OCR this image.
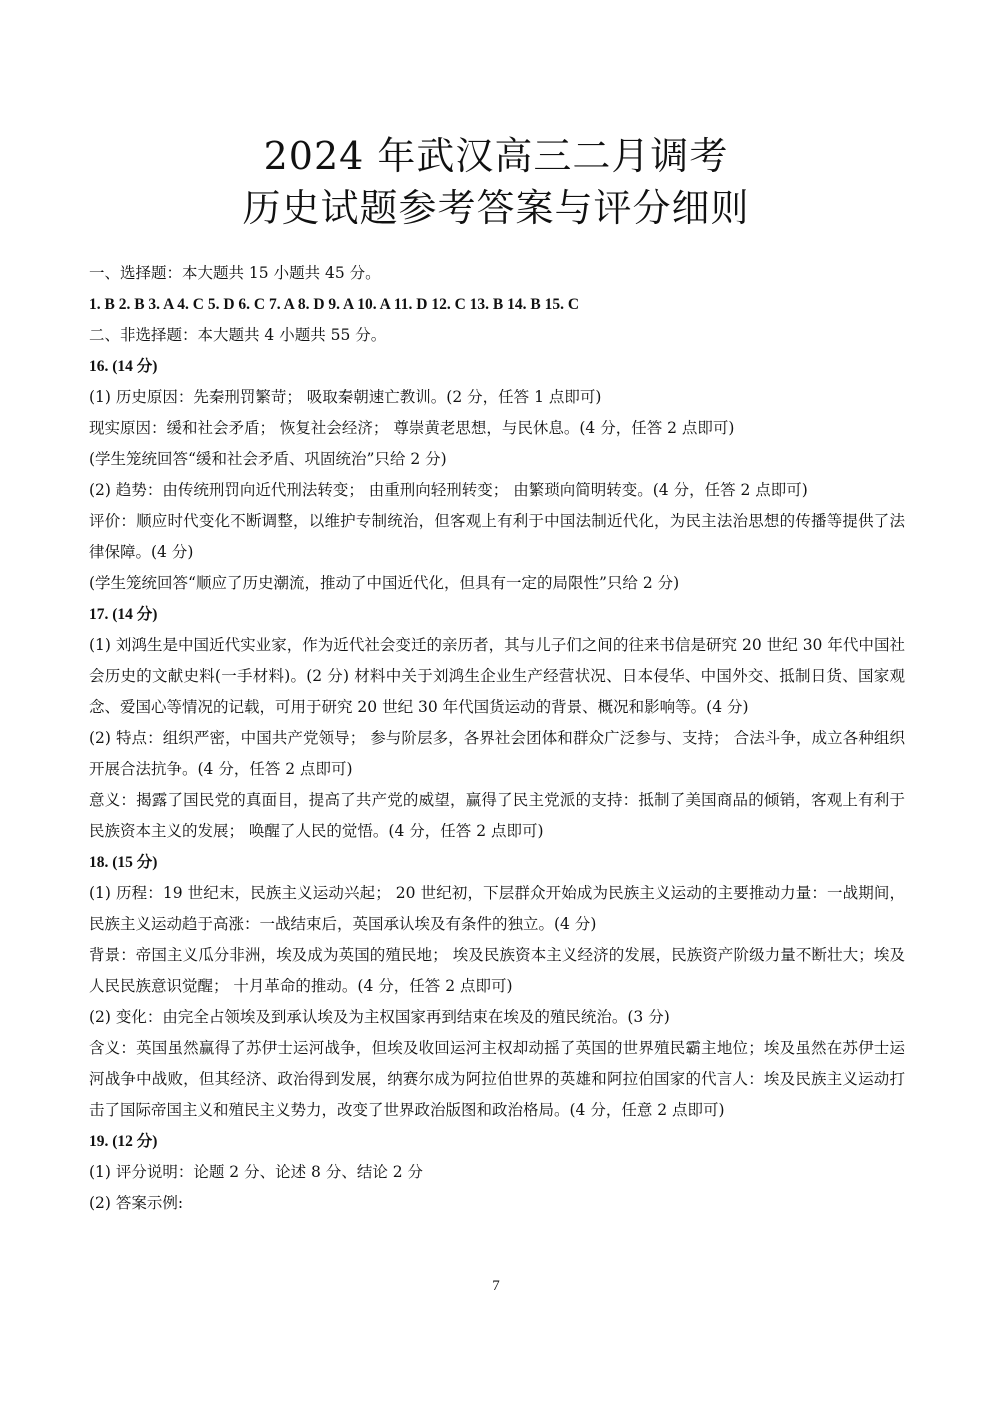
2024 年武汉高三二月调考
历史试题参考答案与评分细则

一、选择题：本大题共 15 小题共 45 分。

1. B 2. B 3. A 4. C 5. D 6. C 7. A 8. D 9. A 10. A 11. D 12. C 13. B 14. B 15. C

二、非选择题：本大题共 4 小题共 55 分。

16. (14 分)

(1) 历史原因：先秦刑罚繁苛； 吸取秦朝速亡教训。(2 分，任答 1 点即可)

现实原因：缓和社会矛盾； 恢复社会经济； 尊崇黄老思想，与民休息。(4 分，任答 2 点即可)

(学生笼统回答“缓和社会矛盾、巩固统治”只给 2 分)

(2) 趋势：由传统刑罚向近代刑法转变； 由重刑向轻刑转变； 由繁琐向简明转变。(4 分，任答 2 点即可)

评价：顺应时代变化不断调整，以维护专制统治，但客观上有利于中国法制近代化，为民主法治思想的传播等提供了法律保障。(4 分)

(学生笼统回答“顺应了历史潮流，推动了中国近代化，但具有一定的局限性”只给 2 分)

17. (14 分)

(1) 刘鸿生是中国近代实业家，作为近代社会变迁的亲历者，其与儿子们之间的往来书信是研究 20 世纪 30 年代中国社会历史的文献史料(一手材料)。(2 分) 材料中关于刘鸿生企业生产经营状况、日本侵华、中国外交、抵制日货、国家观念、爱国心等情况的记载，可用于研究 20 世纪 30 年代国货运动的背景、概况和影响等。(4 分)

(2) 特点：组织严密，中国共产党领导； 参与阶层多，各界社会团体和群众广泛参与、支持； 合法斗争，成立各种组织开展合法抗争。(4 分，任答 2 点即可)

意义：揭露了国民党的真面目，提高了共产党的威望，赢得了民主党派的支持：抵制了美国商品的倾销，客观上有利于民族资本主义的发展； 唤醒了人民的觉悟。(4 分，任答 2 点即可)

18. (15 分)

(1) 历程：19 世纪末，民族主义运动兴起； 20 世纪初，下层群众开始成为民族主义运动的主要推动力量：一战期间，民族主义运动趋于高涨：一战结束后，英国承认埃及有条件的独立。(4 分)

背景：帝国主义瓜分非洲，埃及成为英国的殖民地； 埃及民族资本主义经济的发展，民族资产阶级力量不断壮大；埃及人民民族意识觉醒； 十月革命的推动。(4 分，任答 2 点即可)

(2) 变化：由完全占领埃及到承认埃及为主权国家再到结束在埃及的殖民统治。(3 分)

含义：英国虽然赢得了苏伊士运河战争，但埃及收回运河主权却动摇了英国的世界殖民霸主地位；埃及虽然在苏伊士运河战争中战败，但其经济、政治得到发展，纳赛尔成为阿拉伯世界的英雄和阿拉伯国家的代言人：埃及民族主义运动打击了国际帝国主义和殖民主义势力，改变了世界政治版图和政治格局。(4 分，任意 2 点即可)

19. (12 分)

(1) 评分说明：论题 2 分、论述 8 分、结论 2 分

(2) 答案示例:

7
